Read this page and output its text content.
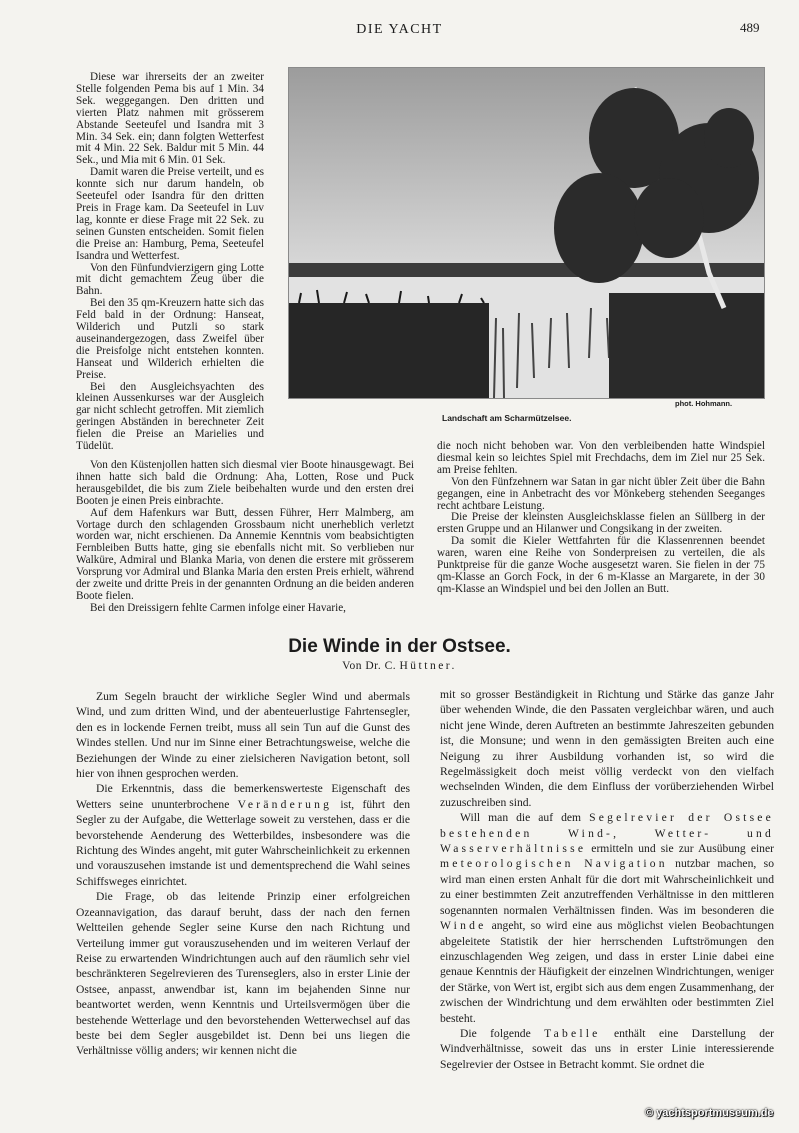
DIE YACHT	489

Diese war ihrerseits der an zweiter Stelle folgenden Pema bis auf 1 Min. 34 Sek. weggegangen. Den dritten und vierten Platz nahmen mit grösserem Abstande Seeteufel und Isandra mit 3 Min. 34 Sek. ein; dann folgten Wetterfest mit 4 Min. 22 Sek. Baldur mit 5 Min. 44 Sek., und Mia mit 6 Min. 01 Sek.

Damit waren die Preise verteilt, und es konnte sich nur darum handeln, ob Seeteufel oder Isandra für den dritten Preis in Frage kam. Da Seeteufel in Luv lag, konnte er diese Frage mit 22 Sek. zu seinen Gunsten entscheiden. Somit fielen die Preise an: Hamburg, Pema, Seeteufel Isandra und Wetterfest.

Von den Fünfundvierzigern ging Lotte mit dicht gemachtem Zeug über die Bahn.

Bei den 35 qm-Kreuzern hatte sich das Feld bald in der Ordnung: Hanseat, Wilderich und Putzli so stark auseinandergezogen, dass Zweifel über die Preisfolge nicht entstehen konnten. Hanseat und Wilderich erhielten die Preise.

Bei den Ausgleichsyachten des kleinen Aussenkurses war der Ausgleich gar nicht schlecht getroffen. Mit ziemlich geringen Abständen in berechneter Zeit fielen die Preise an Marielies und Tüdelüt.

phot. Hohmann.
Landschaft am Scharmützelsee.

Von den Küstenjollen hatten sich diesmal vier Boote hinausgewagt. Bei ihnen hatte sich bald die Ordnung: Aha, Lotten, Rose und Puck herausgebildet, die bis zum Ziele beibehalten wurde und den ersten drei Booten je einen Preis einbrachte.

Auf dem Hafenkurs war Butt, dessen Führer, Herr Malmberg, am Vortage durch den schlagenden Grossbaum nicht unerheblich verletzt worden war, nicht erschienen. Da Annemie Kenntnis vom beabsichtigten Fernbleiben Butts hatte, ging sie ebenfalls nicht mit. So verblieben nur Walküre, Admiral und Blanka Maria, von denen die erstere mit grösserem Vorsprung vor Admiral und Blanka Maria den ersten Preis erhielt, während der zweite und dritte Preis in der genannten Ordnung an die beiden anderen Boote fielen.

Bei den Dreissigern fehlte Carmen infolge einer Havarie,

die noch nicht behoben war. Von den verbleibenden hatte Windspiel diesmal kein so leichtes Spiel mit Frechdachs, dem im Ziel nur 25 Sek. am Preise fehlten.

Von den Fünfzehnern war Satan in gar nicht übler Zeit über die Bahn gegangen, eine in Anbetracht des vor Mönkeberg stehenden Seeganges recht achtbare Leistung.

Die Preise der kleinsten Ausgleichsklasse fielen an Süllberg in der ersten Gruppe und an Hilanwer und Congsikang in der zweiten.

Da somit die Kieler Wettfahrten für die Klassenrennen beendet waren, waren eine Reihe von Sonderpreisen zu verteilen, die als Punktpreise für die ganze Woche ausgesetzt waren. Sie fielen in der 75 qm-Klasse an Gorch Fock, in der 6 m-Klasse an Margarete, in der 30 qm-Klasse an Windspiel und bei den Jollen an Butt.

Die Winde in der Ostsee.
Von Dr. C. Hüttner.

Zum Segeln braucht der wirkliche Segler Wind und abermals Wind, und zum dritten Wind, und der abenteuerlustige Fahrtensegler, den es in lockende Fernen treibt, muss all sein Tun auf die Gunst des Windes stellen. Und nur im Sinne einer Betrachtungsweise, welche die Beziehungen der Winde zu einer zielsicheren Navigation betont, soll hier von ihnen gesprochen werden.

Die Erkenntnis, dass die bemerkenswerteste Eigenschaft des Wetters seine ununterbrochene Veränderung ist, führt den Segler zu der Aufgabe, die Wetterlage soweit zu verstehen, dass er die bevorstehende Aenderung des Wetterbildes, insbesondere was die Richtung des Windes angeht, mit guter Wahrscheinlichkeit zu erkennen und vorauszusehen imstande ist und dementsprechend die Wahl seines Schiffsweges einrichtet.

Die Frage, ob das leitende Prinzip einer erfolgreichen Ozeannavigation, das darauf beruht, dass der nach den fernen Weltteilen gehende Segler seine Kurse den nach Richtung und Verteilung immer gut vorauszusehenden und im weiteren Verlauf der Reise zu erwartenden Windrichtungen auch auf den räumlich sehr viel beschränkteren Segelrevieren des Turenseglers, also in erster Linie der Ostsee, anpasst, anwendbar ist, kann im bejahenden Sinne nur beantwortet werden, wenn Kenntnis und Urteilsvermögen über die bestehende Wetterlage und den bevorstehenden Wetterwechsel auf das beste bei dem Segler ausgebildet ist. Denn bei uns liegen die Verhältnisse völlig anders; wir kennen nicht die

mit so grosser Beständigkeit in Richtung und Stärke das ganze Jahr über wehenden Winde, die den Passaten vergleichbar wären, und auch nicht jene Winde, deren Auftreten an bestimmte Jahreszeiten gebunden ist, die Monsune; und wenn in den gemässigten Breiten auch eine Neigung zu ihrer Ausbildung vorhanden ist, so wird die Regelmässigkeit doch meist völlig verdeckt von den vielfach wechselnden Winden, die dem Einfluss der vorüberziehenden Wirbel zuzuschreiben sind.

Will man die auf dem Segelrevier der Ostsee bestehenden Wind-, Wetter- und Wasserverhältnisse ermitteln und sie zur Ausübung einer meteorologischen Navigation nutzbar machen, so wird man einen ersten Anhalt für die dort mit Wahrscheinlichkeit und zu einer bestimmten Zeit anzutreffenden Verhältnisse in den mittleren sogenannten normalen Verhältnissen finden. Was im besonderen die Winde angeht, so wird eine aus möglichst vielen Beobachtungen abgeleitete Statistik der hier herrschenden Luftströmungen den einzuschlagenden Weg zeigen, und dass in erster Linie dabei eine genaue Kenntnis der Häufigkeit der einzelnen Windrichtungen, weniger der Stärke, von Wert ist, ergibt sich aus dem engen Zusammenhang, der zwischen der Windrichtung und dem erwählten oder bestimmten Ziel besteht.

Die folgende Tabelle enthält eine Darstellung der Windverhältnisse, soweit das uns in erster Linie interessierende Segelrevier der Ostsee in Betracht kommt. Sie ordnet die

© yachtsportmuseum.de
